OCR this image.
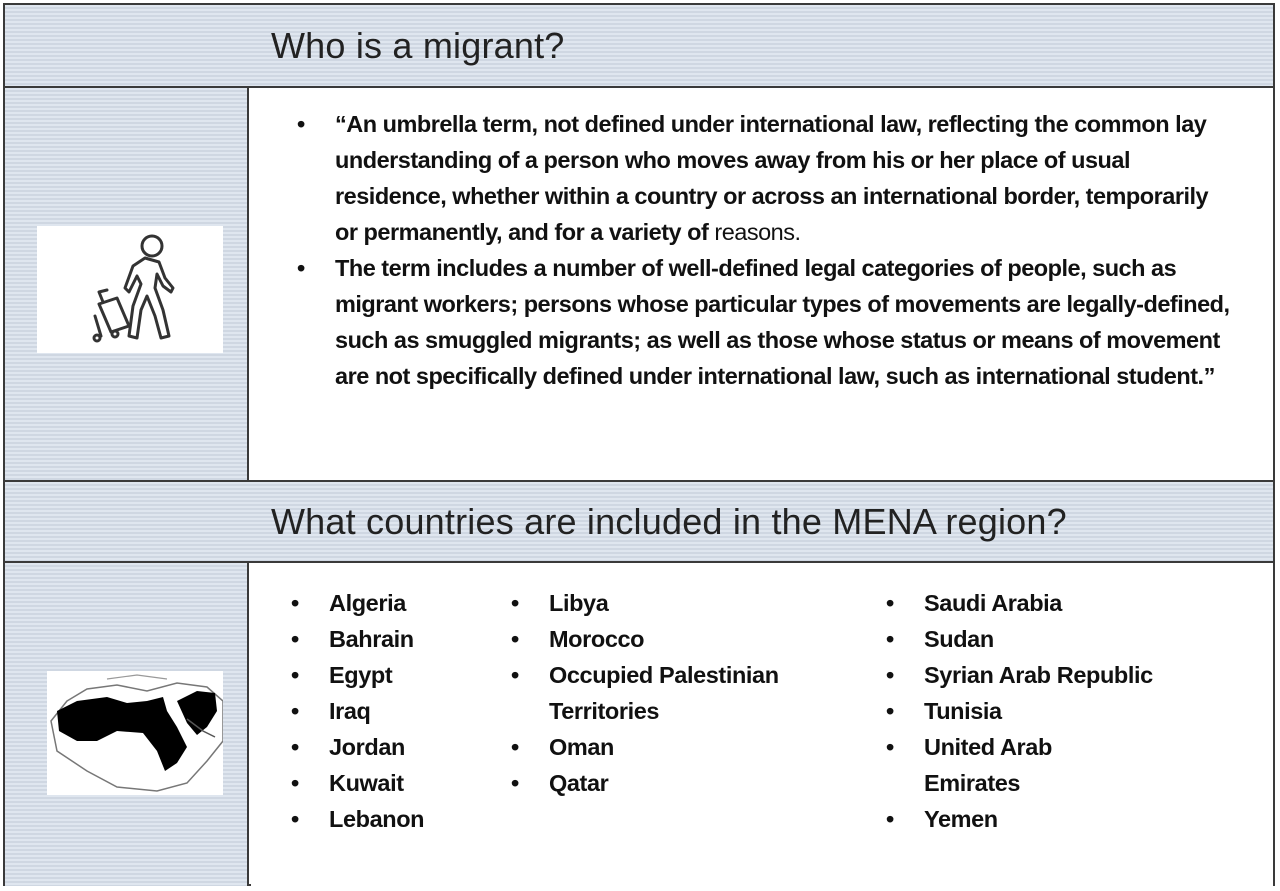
Who is a migrant?
• “An umbrella term, not defined under international law, reflecting the common lay understanding of a person who moves away from his or her place of usual residence, whether within a country or across an international border, temporarily or permanently, and for a variety of reasons.
• The term includes a number of well-defined legal categories of people, such as migrant workers; persons whose particular types of movements are legally-defined, such as smuggled migrants; as well as those whose status or means of movement are not specifically defined under international law, such as international student.”
What countries are included in the MENA region?
• Algeria
• Bahrain
• Egypt
• Iraq
• Jordan
• Kuwait
• Lebanon
• Libya
• Morocco
• Occupied Palestinian
Territories
• Oman
• Qatar
• Saudi Arabia
• Sudan
• Syrian Arab Republic
• Tunisia
• United Arab
Emirates
• Yemen
